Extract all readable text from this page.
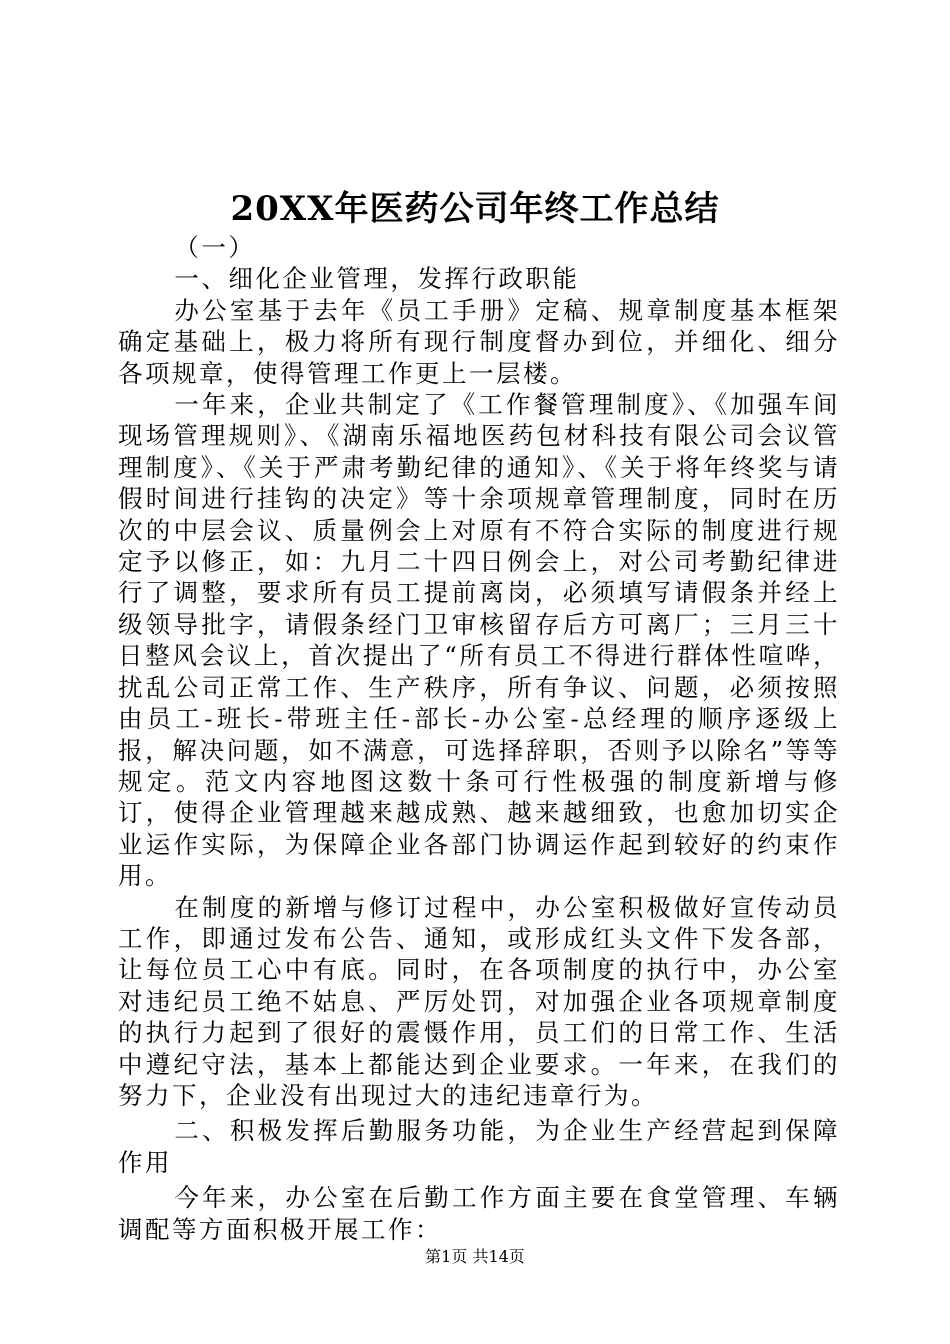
20XX年医药公司年终工作总结

（一）

一、细化企业管理，发挥行政职能

办公室基于去年《员工手册》定稿、规章制度基本框架确定基础上，极力将所有现行制度督办到位，并细化、细分各项规章，使得管理工作更上一层楼。

一年来，企业共制定了《工作餐管理制度》、《加强车间现场管理规则》、《湖南乐福地医药包材科技有限公司会议管理制度》、《关于严肃考勤纪律的通知》、《关于将年终奖与请假时间进行挂钩的决定》等十余项规章管理制度，同时在历次的中层会议、质量例会上对原有不符合实际的制度进行规定予以修正，如：九月二十四日例会上，对公司考勤纪律进行了调整，要求所有员工提前离岗，必须填写请假条并经上级领导批字，请假条经门卫审核留存后方可离厂；三月三十日整风会议上，首次提出了“所有员工不得进行群体性喧哗，扰乱公司正常工作、生产秩序，所有争议、问题，必须按照由员工-班长-带班主任-部长-办公室-总经理的顺序逐级上报，解决问题，如不满意，可选择辞职，否则予以除名”等等规定。范文内容地图这数十条可行性极强的制度新增与修订，使得企业管理越来越成熟、越来越细致，也愈加切实企业运作实际，为保障企业各部门协调运作起到较好的约束作用。

在制度的新增与修订过程中，办公室积极做好宣传动员工作，即通过发布公告、通知，或形成红头文件下发各部，让每位员工心中有底。同时，在各项制度的执行中，办公室对违纪员工绝不姑息、严厉处罚，对加强企业各项规章制度的执行力起到了很好的震慑作用，员工们的日常工作、生活中遵纪守法，基本上都能达到企业要求。一年来，在我们的努力下，企业没有出现过大的违纪违章行为。

二、积极发挥后勤服务功能，为企业生产经营起到保障作用

今年来，办公室在后勤工作方面主要在食堂管理、车辆调配等方面积极开展工作：

第1页 共14页
